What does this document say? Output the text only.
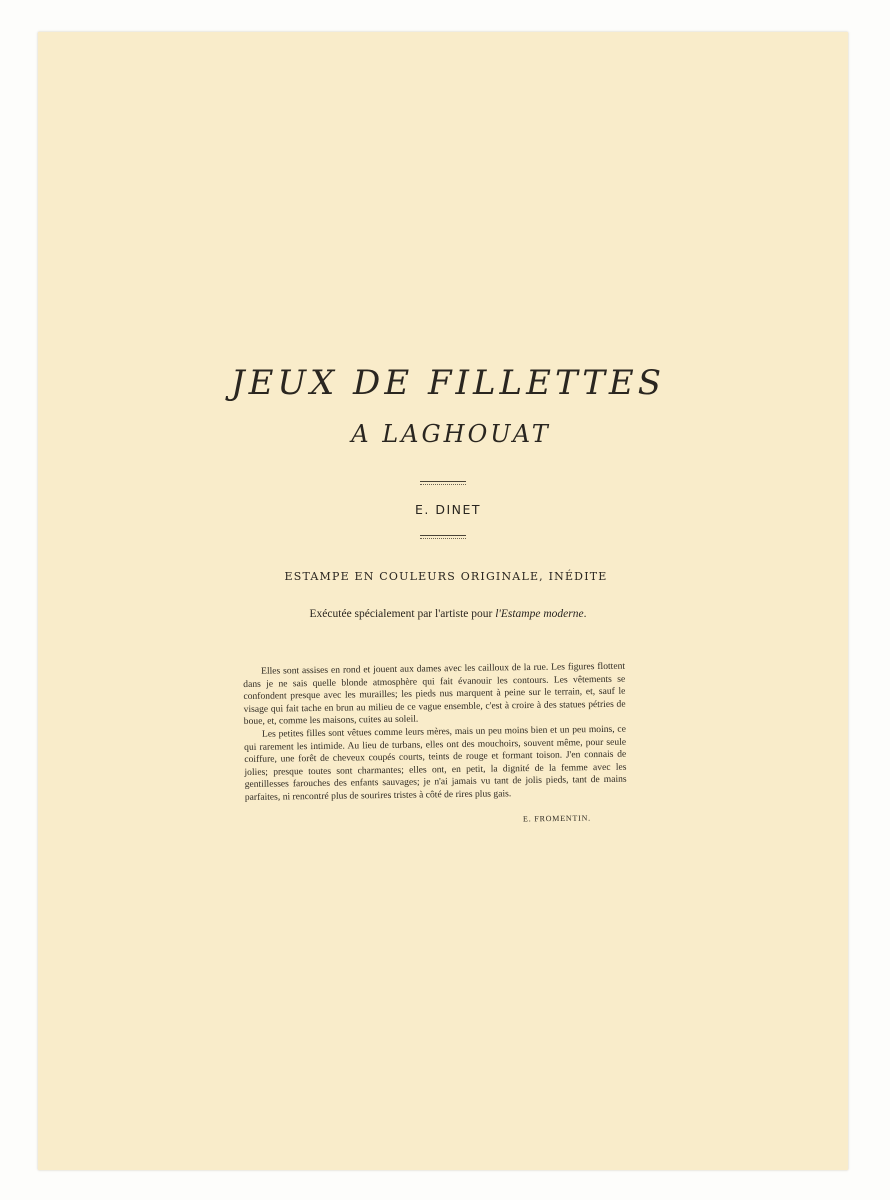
JEUX DE FILLETTES
A LAGHOUAT
E. DINET
ESTAMPE EN COULEURS ORIGINALE, INÉDITE
Exécutée spécialement par l'artiste pour l'Estampe moderne.

Elles sont assises en rond et jouent aux dames avec les cailloux de la rue. Les figures flottent dans je ne sais quelle blonde atmosphère qui fait évanouir les contours. Les vêtements se confondent presque avec les murailles; les pieds nus marquent à peine sur le terrain, et, sauf le visage qui fait tache en brun au milieu de ce vague ensemble, c'est à croire à des statues pétries de boue, et, comme les maisons, cuites au soleil.

Les petites filles sont vêtues comme leurs mères, mais un peu moins bien et un peu moins, ce qui rarement les intimide. Au lieu de turbans, elles ont des mouchoirs, souvent même, pour seule coiffure, une forêt de cheveux coupés courts, teints de rouge et formant toison. J'en connais de jolies; presque toutes sont charmantes; elles ont, en petit, la dignité de la femme avec les gentillesses farouches des enfants sauvages; je n'ai jamais vu tant de jolis pieds, tant de mains parfaites, ni rencontré plus de sourires tristes à côté de rires plus gais.

E. FROMENTIN.
